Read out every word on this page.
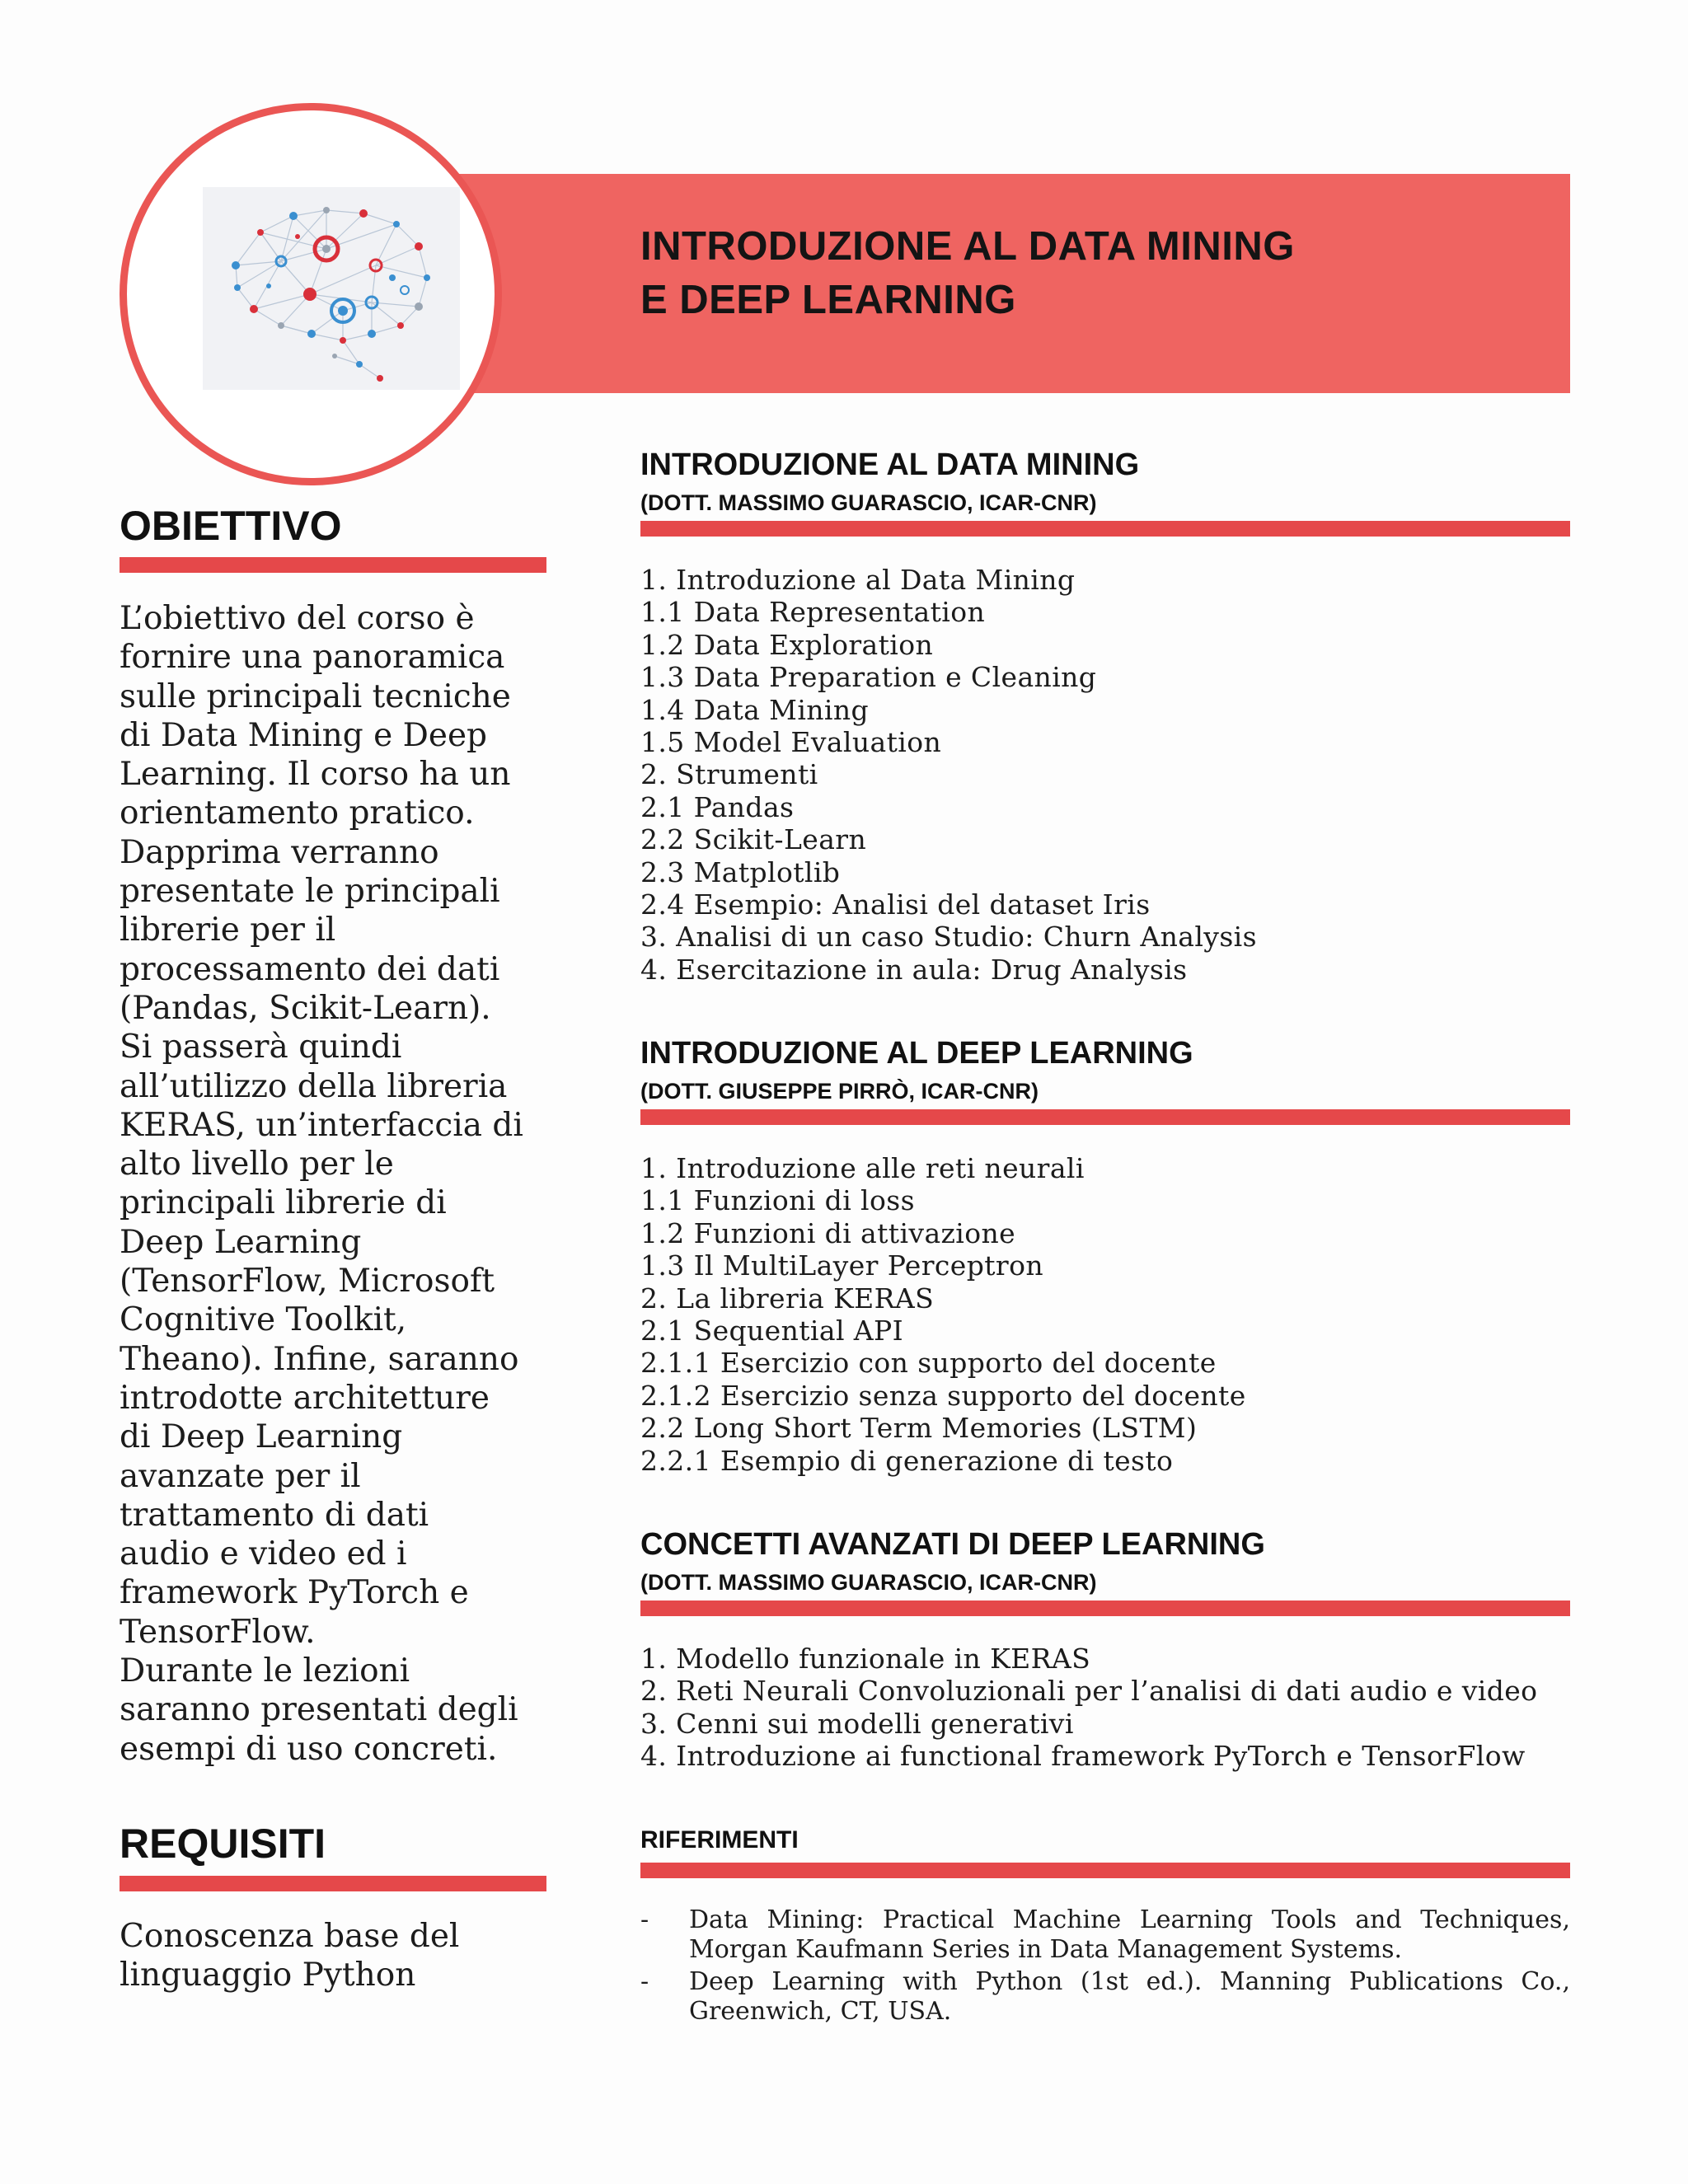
INTRODUZIONE AL DATA MINING
E DEEP LEARNING
OBIETTIVO

L’obiettivo del corso è
fornire una panoramica
sulle principali tecniche
di Data Mining e Deep
Learning. Il corso ha un
orientamento pratico.
Dapprima verranno
presentate le principali
librerie per il
processamento dei dati
(Pandas, Scikit-Learn).
Si passerà quindi
all’utilizzo della libreria
KERAS, un’interfaccia di
alto livello per le
principali librerie di
Deep Learning
(TensorFlow, Microsoft
Cognitive Toolkit,
Theano). Infine, saranno
introdotte architetture
di Deep Learning
avanzate per il
trattamento di dati
audio e video ed i
framework PyTorch e
TensorFlow.
Durante le lezioni
saranno presentati degli
esempi di uso concreti.

REQUISITI

Conoscenza base del
linguaggio Python

INTRODUZIONE AL DATA MINING
(DOTT. MASSIMO GUARASCIO, ICAR-CNR)
1. Introduzione al Data Mining
1.1 Data Representation
1.2 Data Exploration
1.3 Data Preparation e Cleaning
1.4 Data Mining
1.5 Model Evaluation
2. Strumenti
2.1 Pandas
2.2 Scikit-Learn
2.3 Matplotlib
2.4 Esempio: Analisi del dataset Iris
3. Analisi di un caso Studio: Churn Analysis
4. Esercitazione in aula: Drug Analysis
INTRODUZIONE AL DEEP LEARNING
(DOTT. GIUSEPPE PIRRÒ, ICAR-CNR)
1. Introduzione alle reti neurali
1.1 Funzioni di loss
1.2 Funzioni di attivazione
1.3 Il MultiLayer Perceptron
2. La libreria KERAS
2.1 Sequential API
2.1.1 Esercizio con supporto del docente
2.1.2 Esercizio senza supporto del docente
2.2 Long Short Term Memories (LSTM)
2.2.1 Esempio di generazione di testo
CONCETTI AVANZATI DI DEEP LEARNING
(DOTT. MASSIMO GUARASCIO, ICAR-CNR)
1. Modello funzionale in KERAS
2. Reti Neurali Convoluzionali per l’analisi di dati audio e video
3. Cenni sui modelli generativi
4. Introduzione ai functional framework PyTorch e TensorFlow
RIFERIMENTI
- Data Mining: Practical Machine Learning Tools and Techniques, Morgan Kaufmann Series in Data Management Systems.
- Deep Learning with Python (1st ed.). Manning Publications Co., Greenwich, CT, USA.
